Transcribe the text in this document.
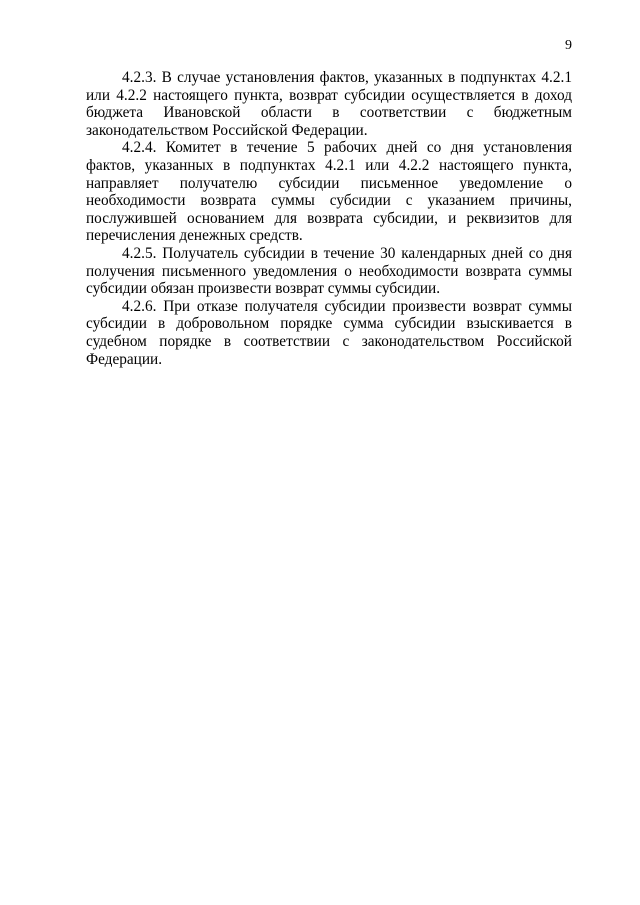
9

4.2.3. В случае установления фактов, указанных в подпунктах 4.2.1 или 4.2.2 настоящего пункта, возврат субсидии осуществляется в доход бюджета Ивановской области в соответствии с бюджетным законодательством Российской Федерации.

4.2.4. Комитет в течение 5 рабочих дней со дня установления фактов, указанных в подпунктах 4.2.1 или 4.2.2 настоящего пункта, направляет получателю субсидии письменное уведомление о необходимости возврата суммы субсидии с указанием причины, послужившей основанием для возврата субсидии, и реквизитов для перечисления денежных средств.

4.2.5. Получатель субсидии в течение 30 календарных дней со дня получения письменного уведомления о необходимости возврата суммы субсидии обязан произвести возврат суммы субсидии.

4.2.6. При отказе получателя субсидии произвести возврат суммы субсидии в добровольном порядке сумма субсидии взыскивается в судебном порядке в соответствии с законодательством Российской Федерации.
